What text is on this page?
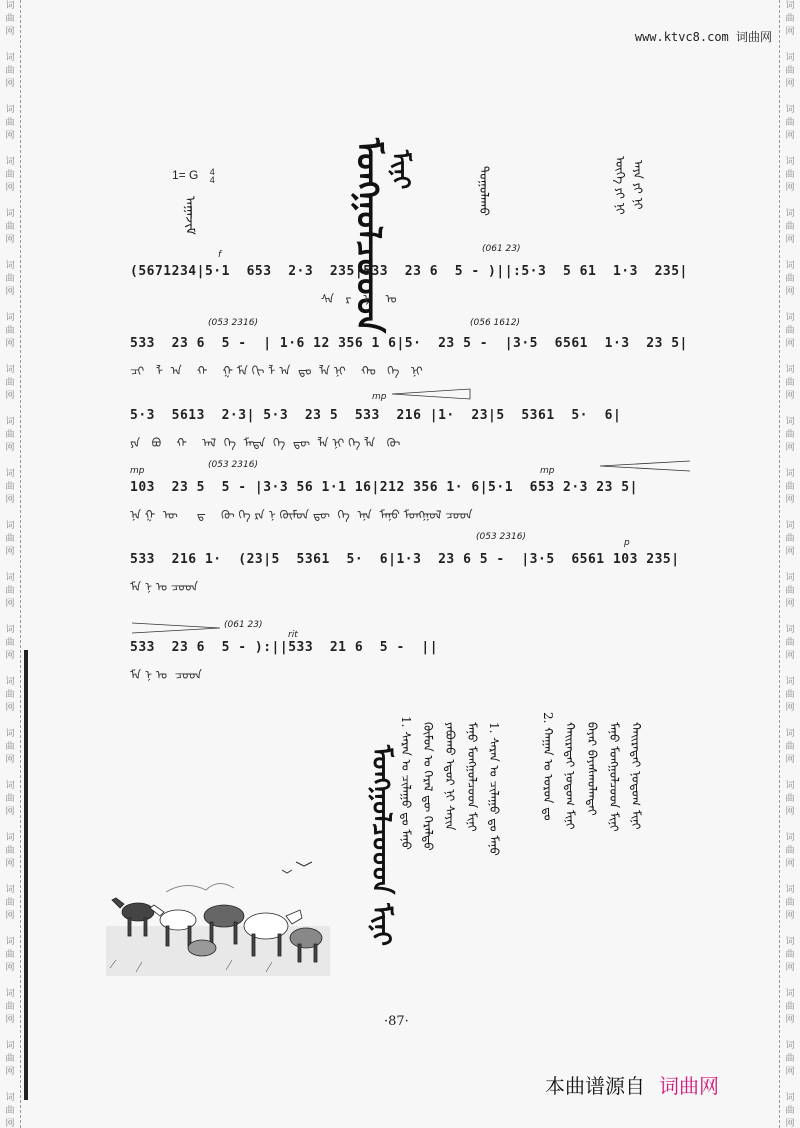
词
曲
网

词
曲
网

词
曲
网

词
曲
网

词
曲
网

词
曲
网

词
曲
网

词
曲
网

词
曲
网

词
曲
网

词
曲
网

词
曲
网

词
曲
网

词
曲
网

词
曲
网

词
曲
网

词
曲
网

词
曲
网

词
曲
网

词
曲
网

词
曲
网

词
曲
网

词
曲
网

词
曲
网

词
曲
网

词
曲
网

词
曲
网

词
曲
网

词
曲
网

词
曲
网

词
曲
网

词
曲
网

词
曲
网

词
曲
网

词
曲
网

词
曲
网

词
曲
网

词
曲
网

词
曲
网

词
曲
网

词
曲
网

词
曲
网

词
曲
网

词
曲
网

www.ktvc8.com 词曲网
ᠮᠣᠩᠭᠣᠯᠴᠤᠤᠳ ᠮᠢᠨᠢ
1= G 4
4
ᠠᠭᠠᠵᠢᠮ	ᠳᠣᠭᠤᠯᠠᠬᠤ	ᠦᠭᠡ ᠶᠢ ᠨᠢ ᠠᠶᠠ ᠶᠢ ᠨᠢ
f
(061 23)
(5671234|5·1  653  2·3  235|533  23 6  5 - )||:5·3  5 61  1·3  235|
ᠰᠠ   ᠷ   ᠨ    ᠤ
(053 2316)	(056 1612)
533  23 6  5 -  | 1·6 12 356 1 6|5·  23 5 -  |3·5  6561  1·3  23 5|
ᠴᠢ   ᠯ  ᠠ    ᠬ    ᠭ ᠮᠠ ᠭᠢ ᠯ ᠠ  ᠳᠤ  ᠯᠠ ᠨᠢ    ᠬᠤ   ᠭᠡ   ᠨᠢ
mp
5·3  5613  2·3| 5·3  23 5  533  216 |1·  23|5  5361  5·  6|
ᠶᠠ   ᠪᠤ    ᠬ    ᠠᠯ  ᠭᠡ  ᠮᠡᠳᠡ  ᠭᠡ  ᠳᠦ  ᠯᠡ ᠨᠢ ᠬᠡ ᠯᠡ   ᠬᠦ
mp
(053 2316)
mp
103  23 5  5 - |3·3 56 1·1 16|212 356 1· 6|5·1  653 2·3 23 5|
ᠨᠡ ᠭ  ᠦ     ᠳ    ᠭᠦ ᠬᠡ ᠷᠡ ᠨ ᠬᠦᠮᠦᠨ ᠳᠦ  ᠭᠡ  ᠡᠨᠡ  ᠮᠠᠨᠤ ᠮᠣᠩᠭᠣᠯ ᠴᠤᠳ
(053 2316)
p
533  216 1·  (23|5  5361  5·  6|1·3  23 6 5 -  |3·5  6561 103 235|
ᠮᠠ ᠨ ᠤ ᠴᠤᠳ
(061 23)
rit
533  23 6  5 - ):||533  21 6  5 -  ||
ᠮᠠ ᠨ ᠤ  ᠴᠤᠳ
ᠮᠣᠩᠭᠣᠯᠴᠤᠤᠳ ᠮᠢᠨᠢ 1. ᠰᠠᠷᠠᠨ ᠤ ᠴᠢᠯᠠᠭᠤ ᠳᠤ ᠮᠠᠨᠤ ᠬᠦᠮᠦᠨ ᠤ ᠭᠡᠷᠡᠯ ᠳᠦ ᠭᠡᠷᠡᠯᠲᠦ ᠶᠠᠪᠤᠬᠤ ᠡᠳᠦᠷ ᠨᠢ ᠰᠠᠶᠢᠨ ᠮᠠᠨᠤ ᠮᠣᠩᠭᠣᠯᠴᠤᠳ ᠮᠢᠨᠢ 1. ᠰᠠᠷᠠᠨ ᠤ ᠴᠢᠯᠠᠭᠤ ᠳᠤ ᠮᠠᠨᠤ	2. ᠬᠠᠭᠠᠨ ᠤ ᠤᠷᠤᠨ ᠳᠤ ᠬᠠᠢᠷᠠᠲᠠᠢ ᠨᠤᠲᠤᠭ ᠮᠢᠨᠢ ᠪᠠᠶᠠᠷ ᠪᠠᠶᠠᠰᠬᠤᠯᠠᠨᠲᠠᠢ ᠮᠠᠨᠤ ᠮᠣᠩᠭᠣᠯᠴᠤᠳ ᠮᠢᠨᠢ ᠬᠠᠢᠷᠠᠲᠠᠢ ᠨᠤᠲᠤᠭ ᠮᠢᠨᠢ
·87·
本曲谱源自 词曲网
